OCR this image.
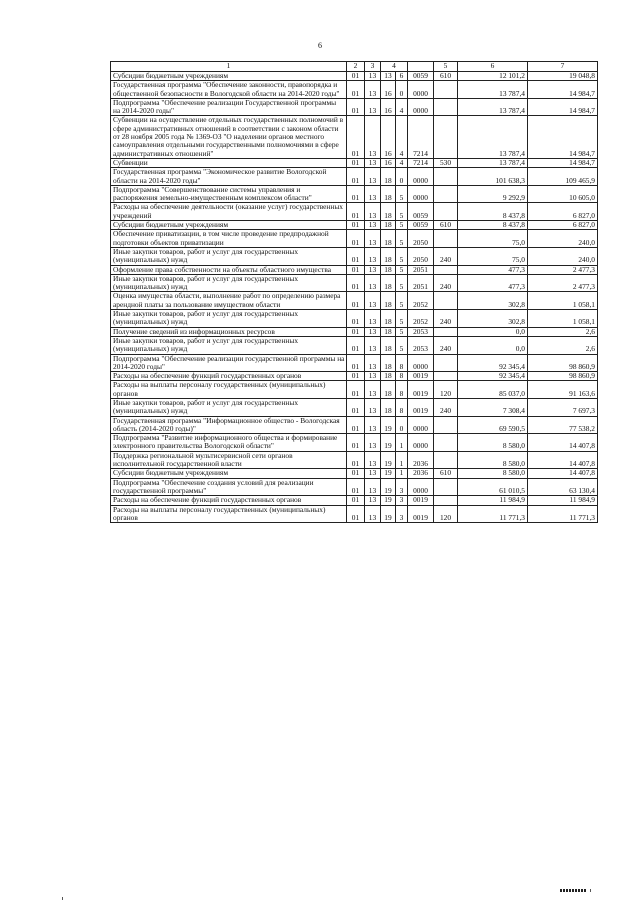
6
1	2	3	4			5	6	7
Субсидии бюджетным учреждениям	01	13	13	6	0059	610	12 101,2	19 048,8
Государственная программа "Обеспечение законности, правопорядка и общественной безопасности в Вологодской области на 2014-2020 годы"	01	13	16	0	0000		13 787,4	14 984,7
Подпрограмма "Обеспечение реализации Государственной программы на 2014-2020 годы"	01	13	16	4	0000		13 787,4	14 984,7
Субвенции на осуществление отдельных государственных полномочий в сфере административных отношений в соответствии с законом области от 28 ноября 2005 года № 1369-ОЗ "О наделении органов местного самоуправления отдельными государственными полномочиями в сфере административных отношений"	01	13	16	4	7214		13 787,4	14 984,7
Субвенции	01	13	16	4	7214	530	13 787,4	14 984,7
Государственная программа "Экономическое развитие Вологодской области на 2014-2020 годы"	01	13	18	0	0000		101 638,3	109 465,9
Подпрограмма "Совершенствование системы управления и распоряжения земельно-имущественным комплексом области"	01	13	18	5	0000		9 292,9	10 605,0
Расходы на обеспечение деятельности (оказание услуг) государственных учреждений	01	13	18	5	0059		8 437,8	6 827,0
Субсидии бюджетным учреждениям	01	13	18	5	0059	610	8 437,8	6 827,0
Обеспечение приватизации, в том числе проведение предпродажной подготовки объектов приватизации	01	13	18	5	2050		75,0	240,0
Иные закупки товаров, работ и услуг для государственных (муниципальных) нужд	01	13	18	5	2050	240	75,0	240,0
Оформление права собственности на объекты областного имущества	01	13	18	5	2051		477,3	2 477,3
Иные закупки товаров, работ и услуг для государственных (муниципальных) нужд	01	13	18	5	2051	240	477,3	2 477,3
Оценка имущества области, выполнение работ по определению размера арендной платы за пользование имуществом области	01	13	18	5	2052		302,8	1 058,1
Иные закупки товаров, работ и услуг для государственных (муниципальных) нужд	01	13	18	5	2052	240	302,8	1 058,1
Получение сведений из информационных ресурсов	01	13	18	5	2053		0,0	2,6
Иные закупки товаров, работ и услуг для государственных (муниципальных) нужд	01	13	18	5	2053	240	0,0	2,6
Подпрограмма "Обеспечение реализации государственной программы на 2014-2020 годы"	01	13	18	8	0000		92 345,4	98 860,9
Расходы на обеспечение функций государственных органов	01	13	18	8	0019		92 345,4	98 860,9
Расходы на выплаты персоналу государственных (муниципальных) органов	01	13	18	8	0019	120	85 037,0	91 163,6
Иные закупки товаров, работ и услуг для государственных (муниципальных) нужд	01	13	18	8	0019	240	7 308,4	7 697,3
Государственная программа "Информационное общество - Вологодская область (2014-2020 годы)"	01	13	19	0	0000		69 590,5	77 538,2
Подпрограмма "Развитие информационного общества и формирование электронного правительства Вологодской области"	01	13	19	1	0000		8 580,0	14 407,8
Поддержка региональной мультисервисной сети органов исполнительной государственной власти	01	13	19	1	2036		8 580,0	14 407,8
Субсидии бюджетным учреждениям	01	13	19	1	2036	610	8 580,0	14 407,8
Подпрограмма "Обеспечение создания условий для реализации государственной программы"	01	13	19	3	0000		61 010,5	63 130,4
Расходы на обеспечение функций государственных органов	01	13	19	3	0019		11 984,9	11 984,9
Расходы на выплаты персоналу государственных (муниципальных) органов	01	13	19	3	0019	120	11 771,3	11 771,3
